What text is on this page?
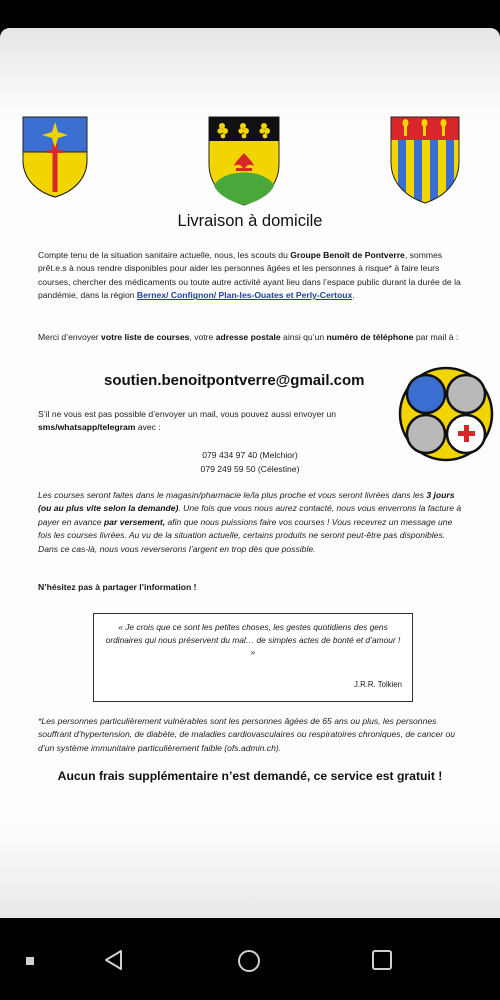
Livraison à domicile
Compte tenu de la situation sanitaire actuelle, nous, les scouts du Groupe Benoît de Pontverre, sommes prêt.e.s à nous rendre disponibles pour aider les personnes âgées et les personnes à risque* à faire leurs courses, chercher des médicaments ou toute autre activité ayant lieu dans l’espace public durant la durée de la pandémie, dans la région Bernex/ Confignon/ Plan-les-Ouates et Perly-Certoux.
Merci d’envoyer votre liste de courses, votre adresse postale ainsi qu’un numéro de téléphone par mail à :
soutien.benoitpontverre@gmail.com
S’il ne vous est pas possible d’envoyer un mail, vous pouvez aussi envoyer un sms/whatsapp/telegram avec :
079 434 97 40 (Melchior)
079 249 59 50 (Célestine)
Les courses seront faites dans le magasin/pharmacie le/la plus proche et vous seront livrées dans les 3 jours (ou au plus vite selon la demande). Une fois que vous nous aurez contacté, nous vous enverrons la facture à payer en avance par versement, afin que nous puissions faire vos courses ! Vous recevrez un message une fois les courses livrées. Au vu de la situation actuelle, certains produits ne seront peut-être pas disponibles. Dans ce cas-là, nous vous reverserons l’argent en trop dès que possible.
N’hésitez pas à partager l’information !
« Je crois que ce sont les petites choses, les gestes quotidiens des gens ordinaires qui nous préservent du mal… de simples actes de bonté et d’amour ! »
J.R.R. Tolkien
*Les personnes particulièrement vulnérables sont les personnes âgées de 65 ans ou plus, les personnes souffrant d’hypertension, de diabète, de maladies cardiovasculaires ou respiratoires chroniques, de cancer ou d’un système immunitaire particulièrement faible (ofs.admin.ch).
Aucun frais supplémentaire n’est demandé, ce service est gratuit !
